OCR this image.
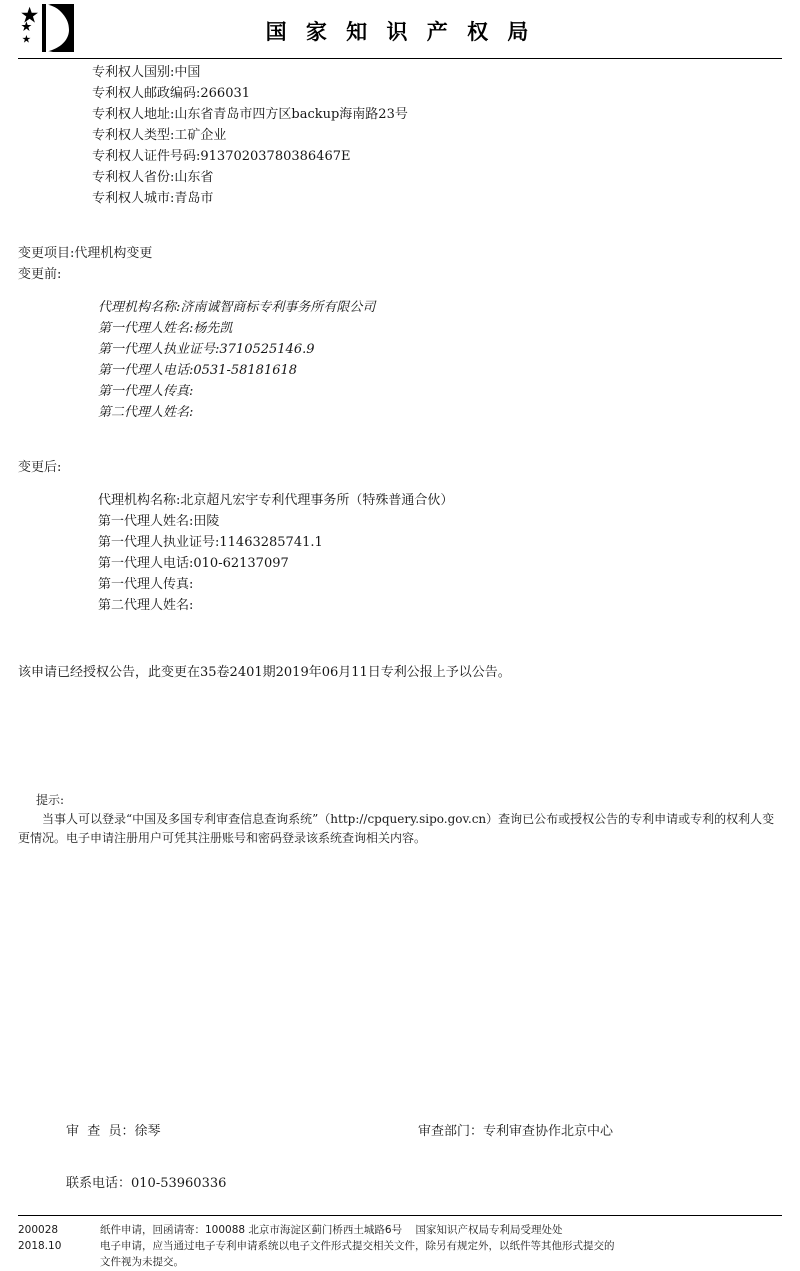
国 家 知 识 产 权 局
专利权人国别:中国
专利权人邮政编码:266031
专利权人地址:山东省青岛市四方区backup海南路23号
专利权人类型:工矿企业
专利权人证件号码:91370203780386467E
专利权人省份:山东省
专利权人城市:青岛市
变更项目:代理机构变更
变更前:
代理机构名称:济南诚智商标专利事务所有限公司
第一代理人姓名:杨先凯
第一代理人执业证号:3710525146.9
第一代理人电话:0531-58181618
第一代理人传真:
第二代理人姓名:
变更后:
代理机构名称:北京超凡宏宇专利代理事务所（特殊普通合伙）
第一代理人姓名:田陵
第一代理人执业证号:11463285741.1
第一代理人电话:010-62137097
第一代理人传真:
第二代理人姓名:
该申请已经授权公告，此变更在35卷2401期2019年06月11日专利公报上予以公告。
提示:
当事人可以登录“中国及多国专利审查信息查询系统”（http://cpquery.sipo.gov.cn）查询已公布或授权公告的专利申请或专利的权利人变更情况。电子申请注册用户可凭其注册账号和密码登录该系统查询相关内容。
审  查  员：徐琴	审查部门：专利审查协作北京中心
联系电话：010-53960336
200028
2018.10
纸件申请，回函请寄：100088 北京市海淀区蓟门桥西土城路6号    国家知识产权局专利局受理处处
电子申请，应当通过电子专利申请系统以电子文件形式提交相关文件，除另有规定外，以纸件等其他形式提交的
文件视为未提交。
